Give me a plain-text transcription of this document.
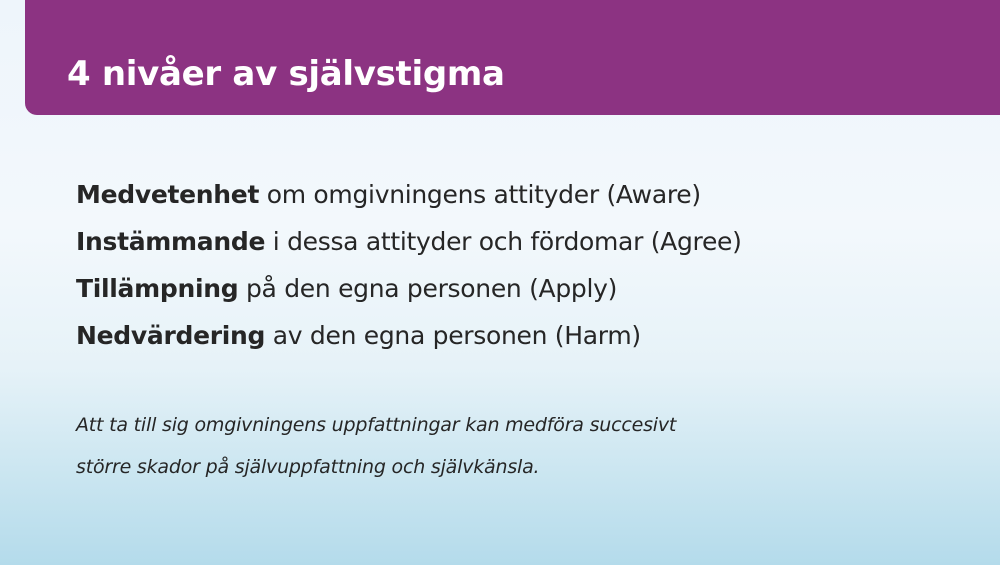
4 nivåer av självstigma
Medvetenhet om omgivningens attityder (Aware)
Instämmande i dessa attityder och fördomar (Agree)
Tillämpning på den egna personen (Apply)
Nedvärdering av den egna personen (Harm)

Att ta till sig omgivningens uppfattningar kan medföra succesivt
större skador på självuppfattning och självkänsla.
